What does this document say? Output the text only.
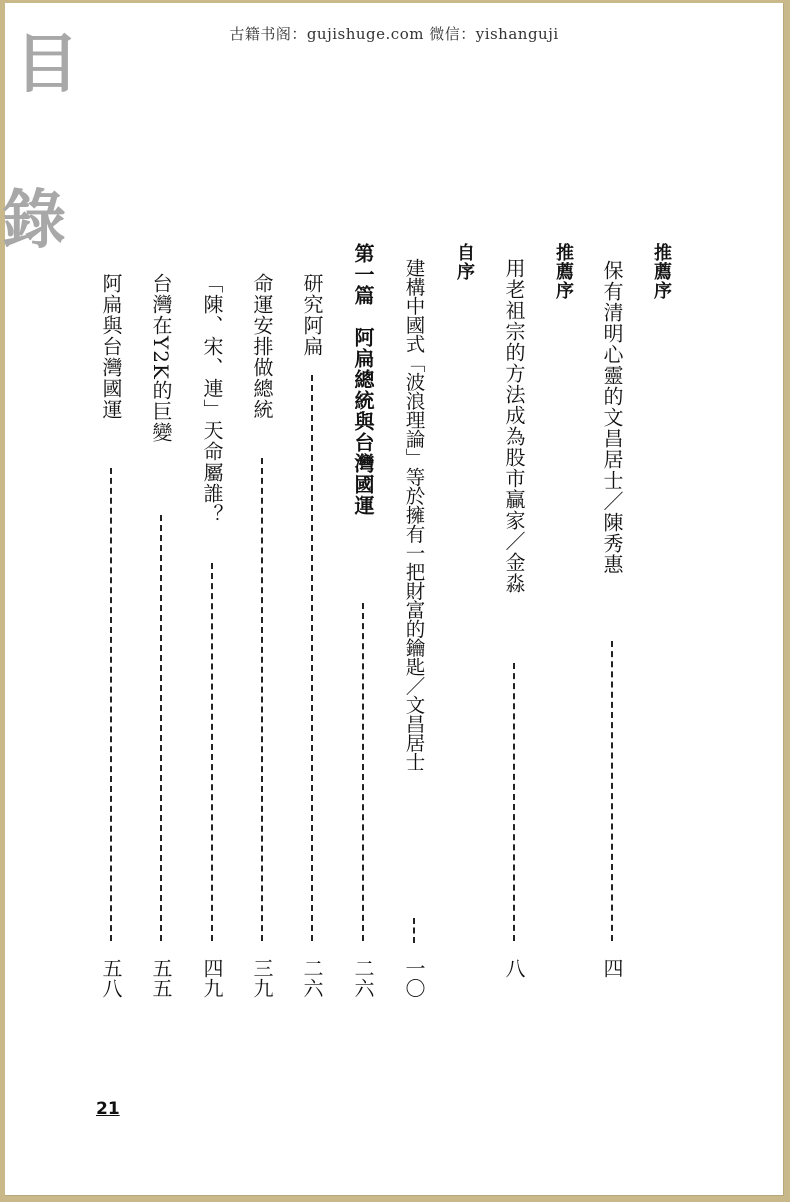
古籍书阁：gujishuge.com 微信：yishanguji
目
錄
推薦序
保有清明心靈的文昌居士／陳秀惠
四
推薦序
用老祖宗的方法成為股市贏家／金淼
八
自序
建構中國式「波浪理論」等於擁有一把財富的鑰匙／文昌居士
一〇
第一篇　阿扁總統與台灣國運
二六
研究阿扁
二六
命運安排做總統
三九
「陳、宋、連」天命屬誰？
四九
台灣在Y2K的巨變
五五
阿扁與台灣國運
五八
21
